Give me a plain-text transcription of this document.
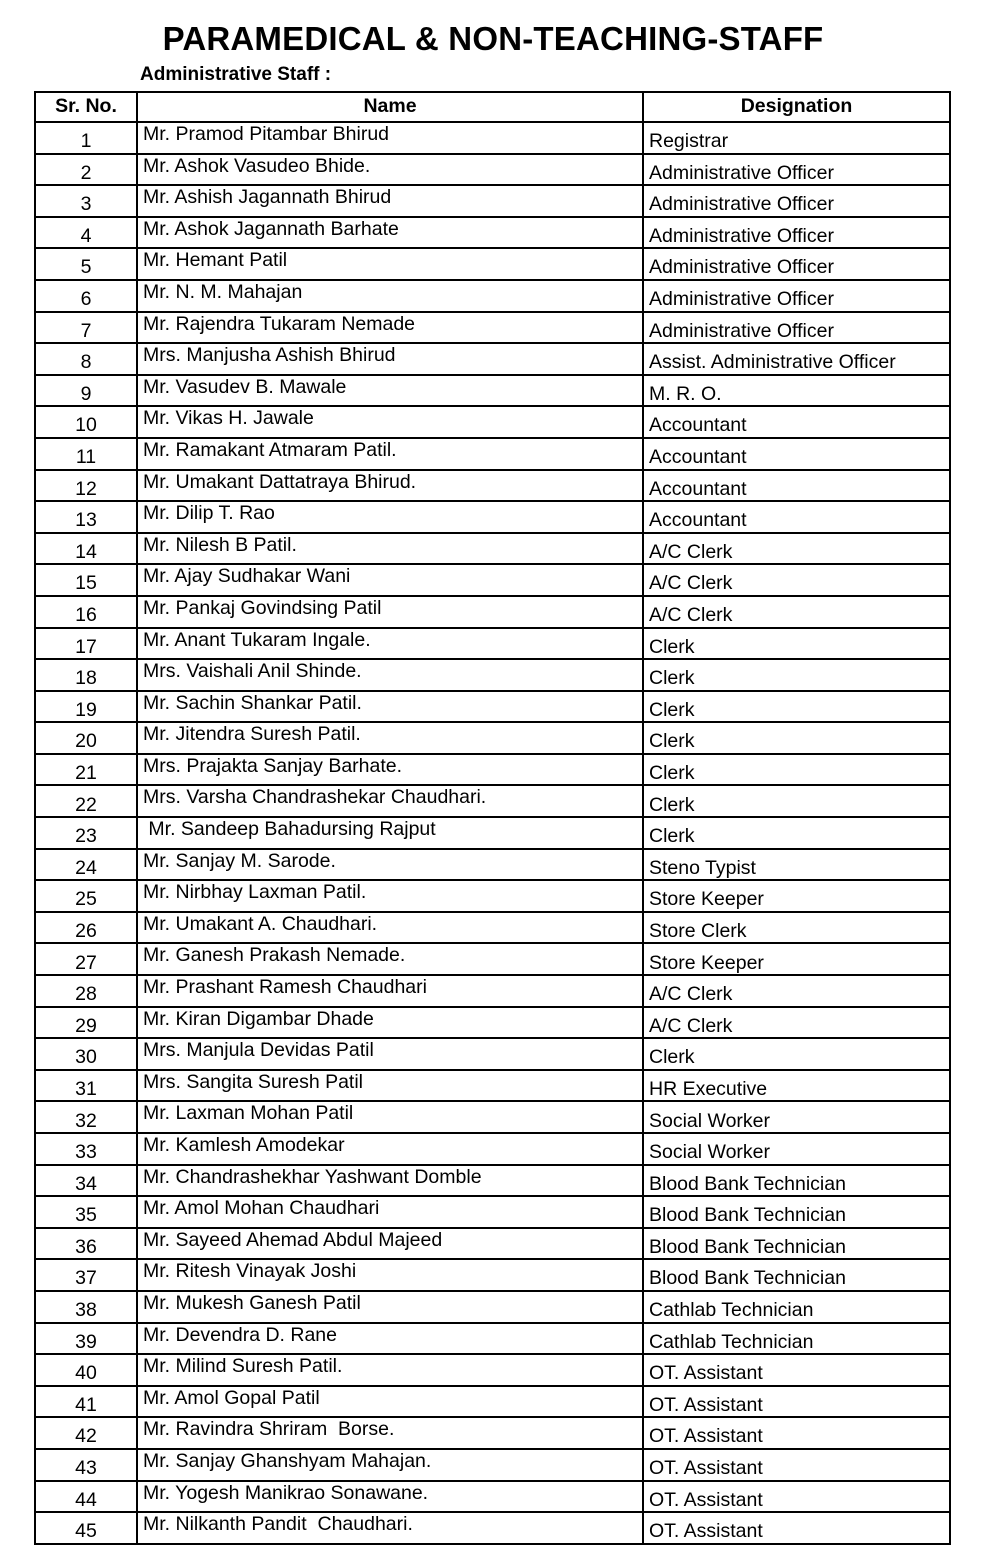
PARAMEDICAL & NON-TEACHING-STAFF
Administrative Staff :
Sr. No.	Name	Designation
1	Mr. Pramod Pitambar Bhirud	Registrar
2	Mr. Ashok Vasudeo Bhide.	Administrative Officer
3	Mr. Ashish Jagannath Bhirud	Administrative Officer
4	Mr. Ashok Jagannath Barhate	Administrative Officer
5	Mr. Hemant Patil	Administrative Officer
6	Mr. N. M. Mahajan	Administrative Officer
7	Mr. Rajendra Tukaram Nemade	Administrative Officer
8	Mrs. Manjusha Ashish Bhirud	Assist. Administrative Officer
9	Mr. Vasudev B. Mawale	M. R. O.
10	Mr. Vikas H. Jawale	Accountant
11	Mr. Ramakant Atmaram Patil.	Accountant
12	Mr. Umakant Dattatraya Bhirud.	Accountant
13	Mr. Dilip T. Rao	Accountant
14	Mr. Nilesh B Patil.	A/C Clerk
15	Mr. Ajay Sudhakar Wani	A/C Clerk
16	Mr. Pankaj Govindsing Patil	A/C Clerk
17	Mr. Anant Tukaram Ingale.	Clerk
18	Mrs. Vaishali Anil Shinde.	Clerk
19	Mr. Sachin Shankar Patil.	Clerk
20	Mr. Jitendra Suresh Patil.	Clerk
21	Mrs. Prajakta Sanjay Barhate.	Clerk
22	Mrs. Varsha Chandrashekar Chaudhari.	Clerk
23	Mr. Sandeep Bahadursing Rajput	Clerk
24	Mr. Sanjay M. Sarode.	Steno Typist
25	Mr. Nirbhay Laxman Patil.	Store Keeper
26	Mr. Umakant A. Chaudhari.	Store Clerk
27	Mr. Ganesh Prakash Nemade.	Store Keeper
28	Mr. Prashant Ramesh Chaudhari	A/C Clerk
29	Mr. Kiran Digambar Dhade	A/C Clerk
30	Mrs. Manjula Devidas Patil	Clerk
31	Mrs. Sangita Suresh Patil	HR Executive
32	Mr. Laxman Mohan Patil	Social Worker
33	Mr. Kamlesh Amodekar	Social Worker
34	Mr. Chandrashekhar Yashwant Domble	Blood Bank Technician
35	Mr. Amol Mohan Chaudhari	Blood Bank Technician
36	Mr. Sayeed Ahemad Abdul Majeed	Blood Bank Technician
37	Mr. Ritesh Vinayak Joshi	Blood Bank Technician
38	Mr. Mukesh Ganesh Patil	Cathlab Technician
39	Mr. Devendra D. Rane	Cathlab Technician
40	Mr. Milind Suresh Patil.	OT. Assistant
41	Mr. Amol Gopal Patil	OT. Assistant
42	Mr. Ravindra Shriram  Borse.	OT. Assistant
43	Mr. Sanjay Ghanshyam Mahajan.	OT. Assistant
44	Mr. Yogesh Manikrao Sonawane.	OT. Assistant
45	Mr. Nilkanth Pandit  Chaudhari.	OT. Assistant
